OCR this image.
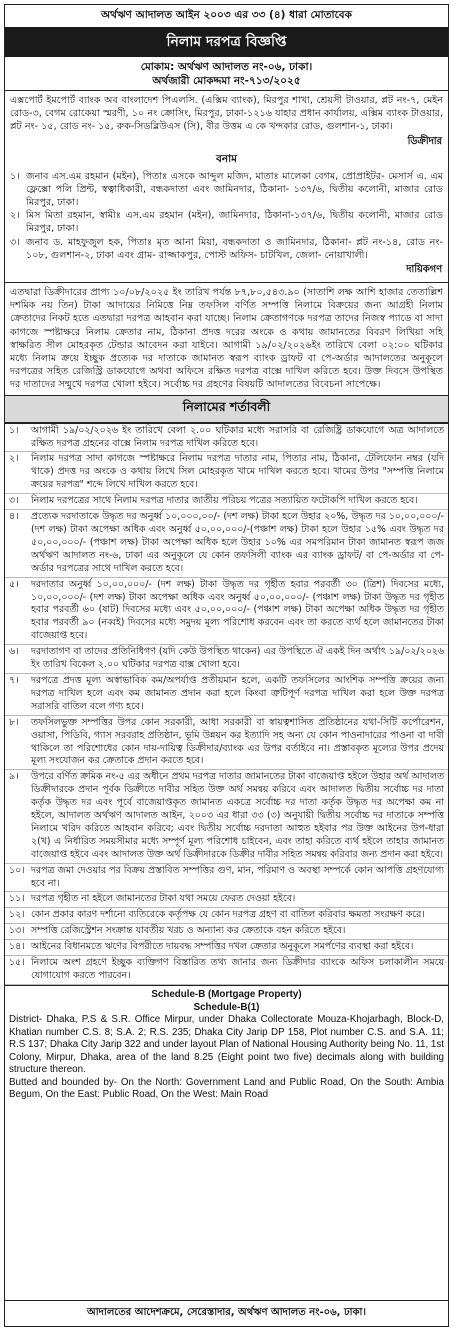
অর্থঋণ আদালত আইন ২০০৩ এর ৩৩ (৪) ধারা মোতাবেক
নিলাম দরপত্র বিজ্ঞপ্তি
মোকাম: অর্থঋণ আদালত নং-০৬, ঢাকা।
অর্থজারী মোকদ্দমা নং-৭১৩/২০২৫

এক্সপোর্ট ইমপোর্ট ব্যাংক অব বাংলাদেশ পিএলসি. (এক্সিম ব্যাংক), মিরপুর শাখা, শ্রেয়সী টাওয়ার, প্লট নং-৭, মেইন রোড-৩, বেগম রোকেয়া স্মরণী, ১০ নং ক্রোসিং, মিরপুর, ঢাকা-১২১৬ যাহার প্রধান কার্যালয়, এক্সিম ব্যাংক টাওয়ার, প্লট নং- ১৫, রোড নং- ১৫, রুক-সিডব্লিউএস (সি), বীর উত্তম এ কে খন্দকার রোড, গুলশান-১, ঢাকা।

ডিক্রীদার
বনাম
১। জনাব এস.এম রহমান (মইন), পিতাঃ এসকে আব্দুল মজিদ, মাতাঃ মালেকা বেগম, প্রোপ্রাইটর- মেসার্স এ. এম ফ্লেক্সো পলি প্রিন্ট, স্বত্বাধিকারী, বন্ধকদাতা এবং জামিনদার, ঠিকানা- ১৩৭/৬, দ্বিতীয় কলোনী, মাজার রোড মিরপুর, ঢাকা।
২। মিস মিতা রহমান, স্বামীঃ এস.এম রহমান (মইন), জামিনদার, ঠিকানা-১৩৭/৬, দ্বিতীয় কলোনী, মাজার রোড মিরপুর, ঢাকা।
৩। জনাব ড. মাহফুজুল হক, পিতাঃ মৃত আনা মিয়া, বন্ধকদাতা ও জামিনদার, ঠিকানা- প্লট নং-১৪, রোড নং- ১০৮, গুলশান-২, ঢাকা এবং গ্রাম- রাজ্জাকপুর, পোস্ট অফিস- চাটখিল, জেলা- নোয়াখালী।
দায়িকগণ

এতদ্বারা ডিক্রীদারের প্রাপ্য ১০/০৮/২০২৫ ইং তারিখ পর্যন্ত ৮৭,৮০,৫৪৩.৯০ (সাতাশি লক্ষ আশি হাজার তেতাল্লিশ দশমিক নয় তিন) টাকা আদায়ের নিমিত্তে নিম্ন তফসিল বর্ণিত সম্পত্তি নিলামে বিক্রয়ের জন্য আগ্রহী নিলাম ক্রেতাদের নিকট হতে এতদ্বারা দরপত্র আহবান করা যাচ্ছে। নিলাম ক্রেতাগণকে দরপত্র তাদের নিজস্ব প্যাডে বা সাদা কাগজে স্পষ্টাক্ষরে নিলাম ক্রেতার নাম, ঠিকানা প্রদত্ত দরের অংকে ও কথায় জামানতের বিবরণ লিখিয়া সহি স্বাক্ষরিত সীল মোহরকৃত টেন্ডার আবেদন করা যাইবে। আগামী ১৯/০২/২০২৬ইং তারিখে বেলা ০২:০০ ঘটিকার মধ্যে নিলাম ক্রয়ে ইচ্ছুক প্রত্যেক দর দাতাকে জামানত স্বরূপ ব্যাংক ড্রাফট বা পে-অর্ডার আদালতের অনুকূলে দরপত্রের সহিত রেজিস্ট্রি ডাকযোগে অথবা অফিসে রক্ষিত দরপত্র বাক্সে দাখিল করিতে হবে। উক্ত দিবসে উপস্থিত দর দাতাদের সম্মুখে দরপত্র খোলা হইবে। সর্বোচ্চ দর গ্রহণের বিষয়টি আদালতের বিবেচনা সাপেক্ষে।

নিলামের শর্তাবলী
১।	আগামী ১৯/০২/২০২৬ ইং তারিখে বেলা ২.০০ ঘটিকার মধ্যে সরাসরি বা রেজিষ্ট্রি ডাকযোগে অত্র আদালতে রক্ষিত দরপত্র গ্রহনের বাক্সে নিলাম দরপত্র দাখিল করিতে হবে।
২।	নিলাম দরপত্র সাদা কাগজে স্পষ্টাক্ষরে নিলাম দরপত্র দাতার নাম, পিতার নাম, ঠিকানা, টেলিফোন নম্বর (যদি থাকে) প্রদত্ত দর অংকে ও কথায় লিখে সিল মোহরকৃত খামে দাখিল করতে হবে। খামের উপর "সম্পত্তি নিলামে ক্রয়ের দরপত্র" শব্দে লিখে দাখিল করতে হবে।
৩।	নিলাম দরপত্রের সাথে নিলাম দরপত্র দাতার জাতীয় পরিচয় পত্রের সত্যায়িত ফটোকপি দাখিল করতে হবে।
৪।	প্রত্যেক দরদাতাকে উদ্ধৃত দর অনুর্ধ্ব ১০,০০০,০০/- (দশ লক্ষ) টাকা হলে উহার ২০%, উদ্ধৃত দর ১০,০০,০০০/- (দশ লক্ষ) টাকা অপেক্ষা অধিক এবং অনুর্ধ্ব ৫০,০০,০০০/-(পঞ্চাশ লক্ষ) টাকা হলে উহার ১৫% এবং উদ্ধৃত দর ৫০,০০,০০০/- (পঞ্চাশ লক্ষ) টাকা অপেক্ষা অধিক হলে উহার ১০% এর সমপরিমান টাকা জামানত স্বরূপ জজ অর্থঋণ আদালত নং-৬, ঢাকা এর অনুকূলে যে কোন তফসিলী ব্যাংক এর ব্যাংক ড্রাফট/ বা পে-অর্ডার বা পে-অর্ডার দরপত্রের সাথে দাখিল করতে হবে।
৫।	দরদাতার অনুর্ধ্ব ১০,০০,০০০/- (দশ লক্ষ) টাকা উদ্ধৃত দর গৃহীত হবার পরবর্তী ৩০ (ত্রিশ) দিবসের মধ্যে, ১০,০০,০০০/- (দশ লক্ষ) টাকা অপেক্ষা অধিক এবং অনুর্ধ্ব ৫০,০০,০০০/- (পঞ্চাশ লক্ষ) টাকা উদ্ধৃত দর গৃহীত হবার পরবর্তী ৬০ (ষাট) দিবসের মধ্যে এবং ৫০,০০,০০০/- (পঞ্চাশ লক্ষ) টাকা অপেক্ষা অধিক উদ্ধৃত দর গৃহীত হবার পরবর্তী ৯০ (নব্বই) দিবসের মধ্যে সমুদয় মূল্য পরিশোধ করবেন এবং তা করতে ব্যর্থ হলে জামানতের টাকা বাজেয়াপ্ত হবে।
৬।	দরদাতাগণ বা তাদের প্রতিনিধিগণ (যদি কেউ উপস্থিত থাকেন) এর উপস্থিতে ঐ একই দিন অর্থাৎ ১৯/০২/২০২৬ ইং তারিখ বিকেল ২.০০ ঘটিকার দরপত্র বাক্স খোলা হবে।
৭।	দরপত্রে প্রদত্ত মূল্য অস্বাভাবিক কম/অপর্যাপ্ত প্রতীয়মান হলে, একটি তফসিলের আংশিক সম্পত্তি ক্রয়ের জন্য দরপত্র দাখিল হলে এবং কম জামানত প্রদান করা হলে কিংবা ত্রুটিপূর্ণ দরপত্র দাখিল করা হলে উক্ত দরপত্র সরাসরি বাতিল বলে গণ্য হবে।
৮।	তফসিলভুক্ত সম্পত্তির উপর কোন সরকারী, আধা সরকারী বা স্বায়ত্বশাসিত প্রতিষ্ঠানের যথা-সিটি কর্পোরেশন, ওয়াসা, পিডিবি, গ্যাস সরবরাহ প্রতিষ্ঠান, ভূমি উন্নয়ন কর ইত্যাদি সহ অন্য যে কোন পাওনাদারের পাওনা বা দাবী থাকিলে তা পরিশোধের কোন দায়-দায়িত্ব ডিক্রীদার/ব্যাংক এর উপর বর্তাইবে না। প্রস্তাবকৃত মূল্যের উপর প্রদেয় মূল্য সংযোজন কর ক্রেতাকে প্রদান করতে হবে।
৯।	উপরে বর্ণিত ক্রমিক নং-৫ এর অধীনে প্রথম দরপত্র দাতার জামানতের টাকা বাজেয়াপ্ত হইলে উহার অর্থ আদালত ডিক্রীদারকে প্রদান পূর্বক ডিক্রীতে দাবীর সহিত উক্ত অর্থ সমন্বয় করিবে এবং আদালত দ্বিতীয় সর্বোচ্চ দর দাতা কর্তৃক উদ্ধৃত দর এবং পূর্বে বাজেয়াপ্তকৃত জামানত একত্রে সর্বোচ্চ দর দাতা কর্তৃক উদ্ধৃত দর অপেক্ষা কম না হইলে, আদালত অর্থঋণ আদালত আইন, ২০০৩ এর ধারা ৩৩ (৩) অনুযায়ী দ্বিতীয় সর্বোচ্চ দর দাতাকে সম্পত্তি নিলামে খরিদ করিতে আহবান করিবে; এবং দ্বিতীয় সর্বোচ্চ দরদাতা আহুত হইবার পর উক্ত আইনের উপ-ধারা ২(খ) এ নির্ধারিত সময়সীমার মধ্যে সম্পূর্ণ মূল্য পরিশোধ চাইবেন, এবং তাহা করিতে ব্যর্থ হইলে তাহার জামানত বাজেয়াপ্ত হইবে এবং আদালত উক্ত অর্থ ডিক্রীদারকে ডিক্রীর দাবীর সহিত সমন্বয় করিবার জন্য প্রদান করা হইবে।
১০। দরপত্র জমা দেওয়ার পর বিক্রয় প্রস্তাবিত সম্পত্তির গুণ, মান, পরিমাণ ও অবস্থা সম্পর্কে কোন আপত্তি গ্রহণযোগ্য হবে না।
১১। দরপত্র গৃহীত না হইলে জামানতের টাকা যথা সময়ে ফেরত দেওয়া হইবে।
১২। কোন প্রকার কারণ দর্শানো ব্যতিরেকে কর্তৃপক্ষ যে কোন দরপত্র গ্রহণ বা বাতিল করিবার ক্ষমতা সংরক্ষণ করে।
১৩। সম্পত্তি রেজিস্ট্রেশন সংক্রান্ত যাবতীয় খরচ ও অন্যান্য কর ক্রেতাকে বহন করিতে হইবে।
১৪। আইনের বিধানমতে ঋণের বিপরীতে দায়বদ্ধ সম্পত্তির দখল ক্রেতার অনুকূলে সমর্পণের ব্যবস্থা করা হইবে।
১৫। নিলামে অংশ গ্রহণে ইচ্ছুক ব্যক্তিগণ বিস্তারিত তথ্য জানার জন্য ডিক্রীদার ব্যাংকে অফিস চলাকালীন সময়ে যোগাযোগ করতে পারবেন।
Schedule-B (Mortgage Property)
Schedule-B(1)

District- Dhaka, P.S & S.R. Office Mirpur, under Dhaka Collectorate Mouza-Khojarbagh, Block-D, Khatian number C.S. 8; S.A. 2; R.S. 235; Dhaka City Jarip DP 158, Plot number C.S. and S.A. 11; R.S 137; Dhaka City Jarip 322 and under layout Plan of National Housing Authority being No. 11, 1st Colony, Mirpur, Dhaka, area of the land 8.25 (Eight point two five) decimals along with building structure thereon.

Butted and bounded by- On the North: Government Land and Public Road, On the South: Ambia Begum, On the East: Public Road, On the West: Main Road

আদালতের আদেশক্রমে, সেরেস্তাদার, অর্থঋণ আদালত নং-০৬, ঢাকা।
